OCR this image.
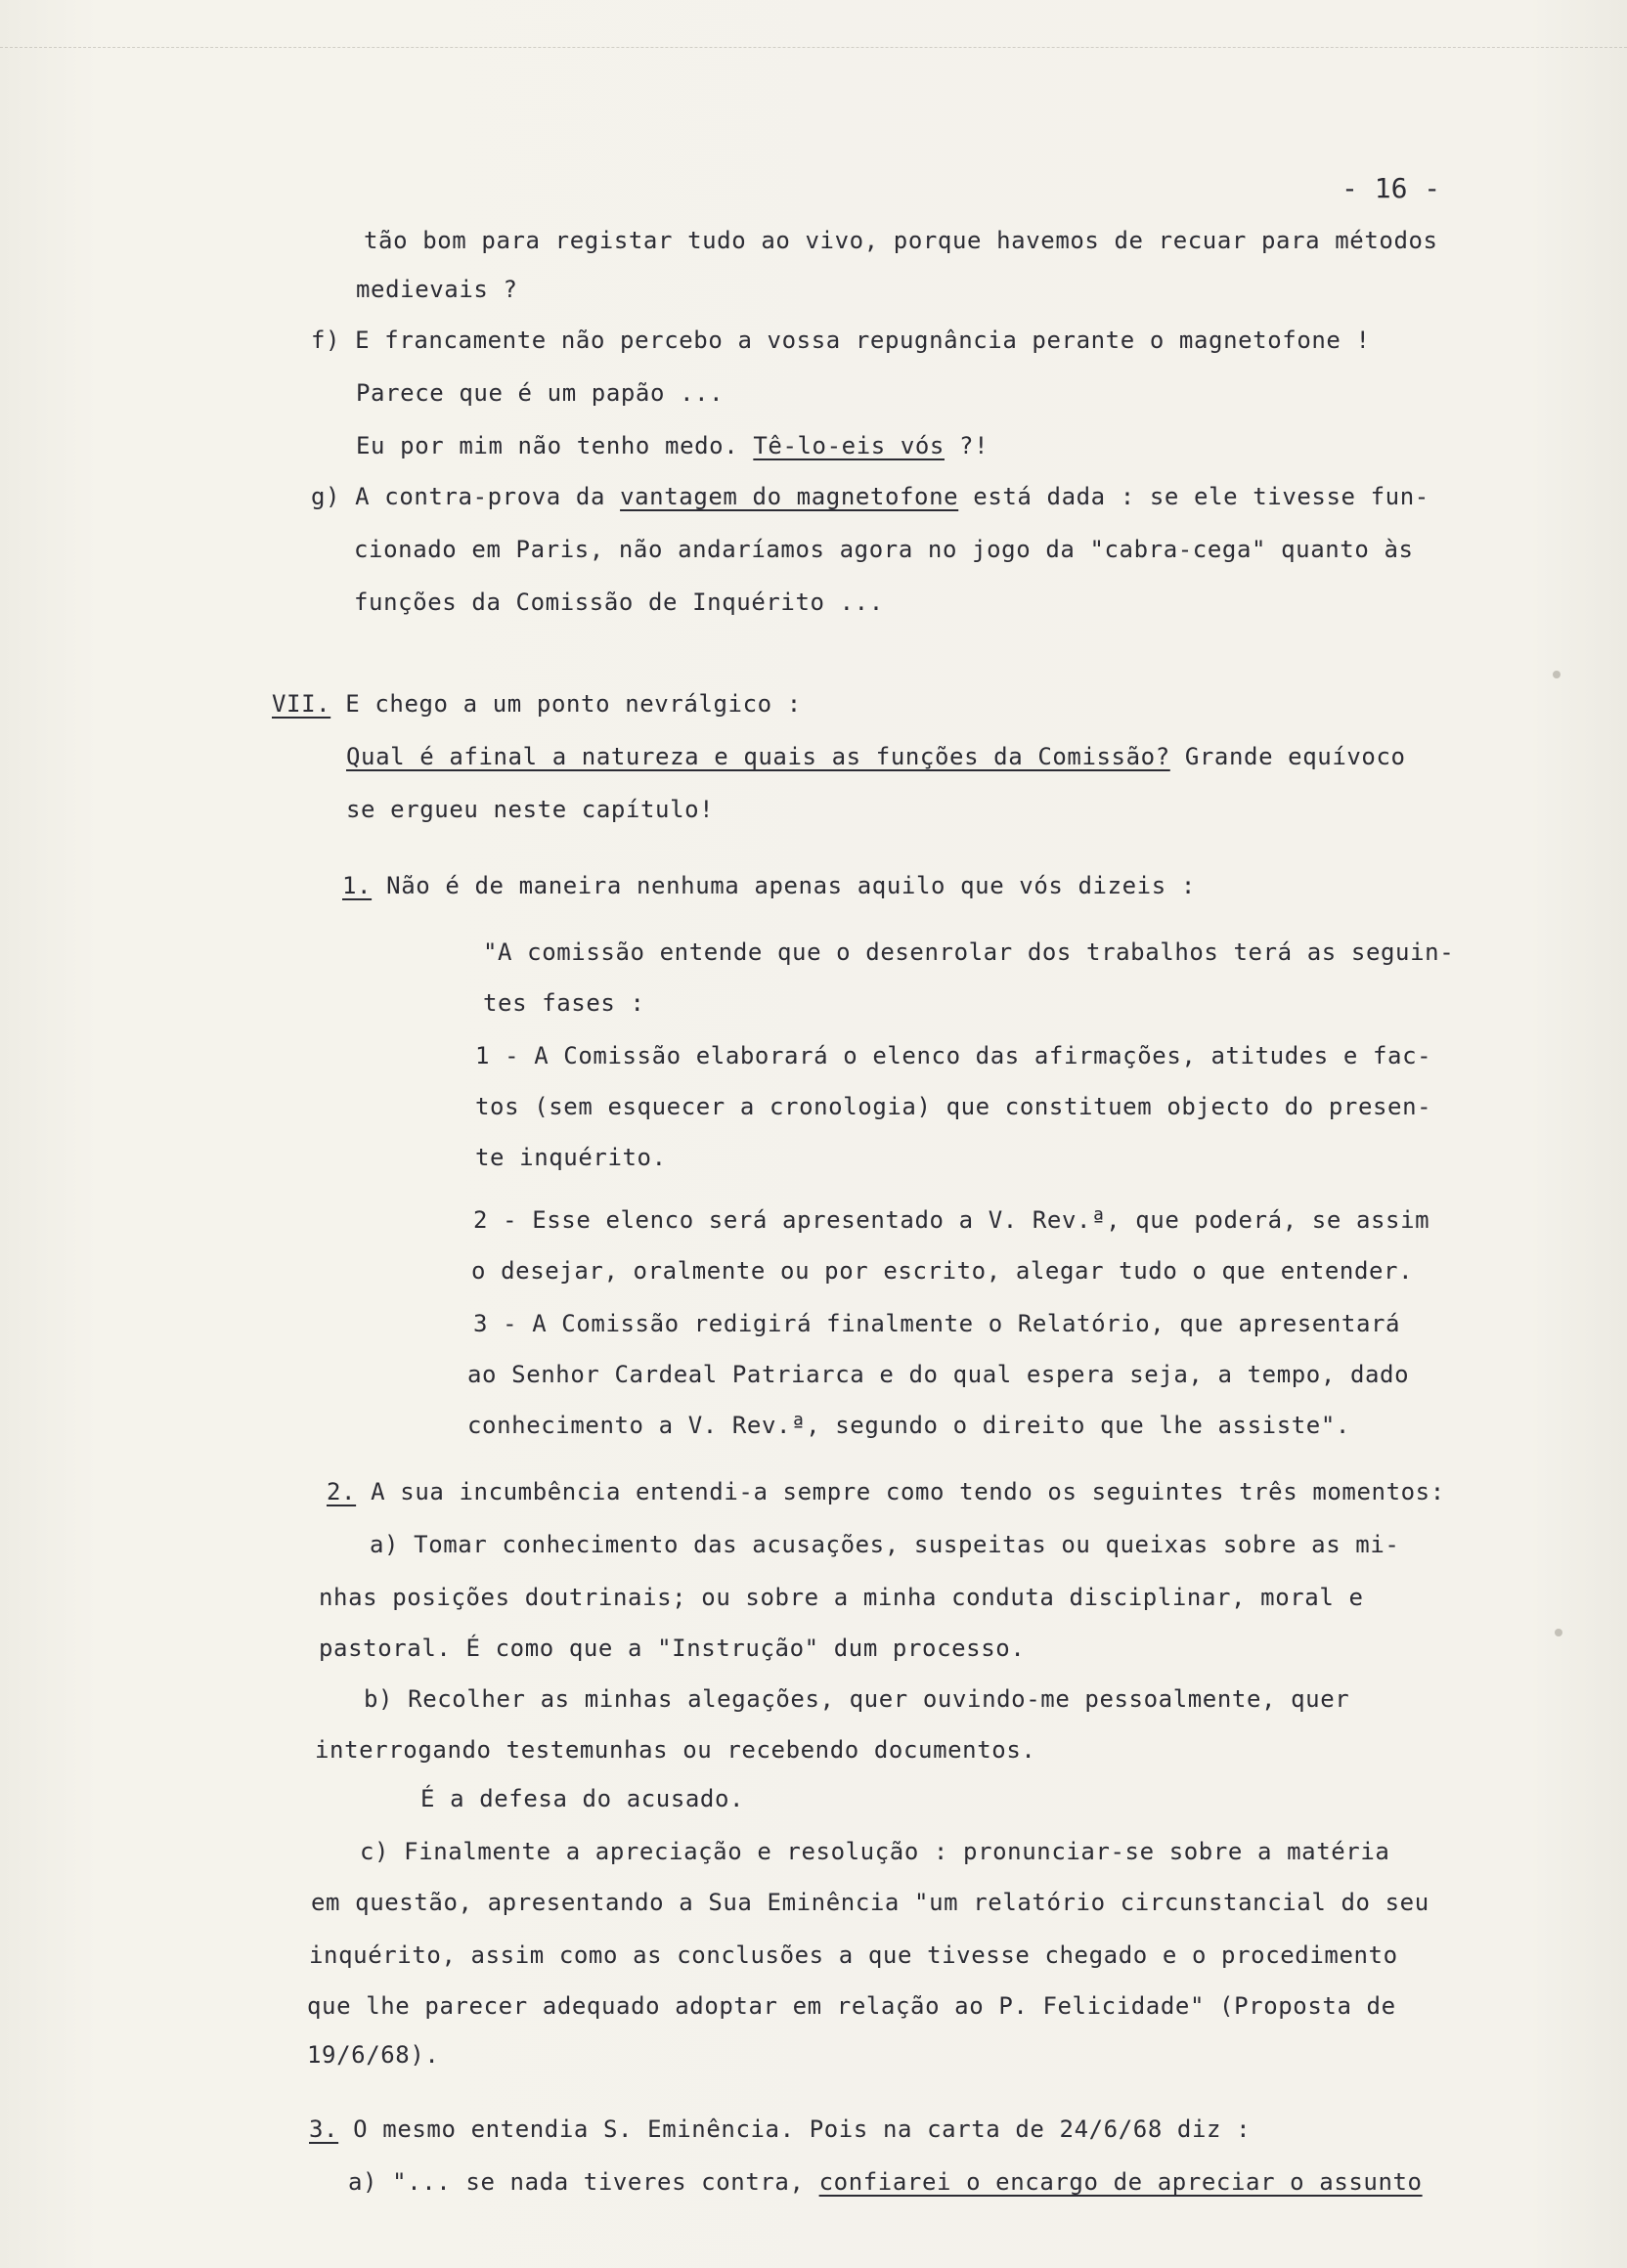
- 16 -
tão bom para registar tudo ao vivo, porque havemos de recuar para métodos
medievais ?
f) E francamente não percebo a vossa repugnância perante o magnetofone !
Parece que é um papão ...
Eu por mim não tenho medo. Tê-lo-eis vós ?!
g) A contra-prova da vantagem do magnetofone está dada : se ele tivesse fun-
cionado em Paris, não andaríamos agora no jogo da "cabra-cega" quanto às
funções da Comissão de Inquérito ...
VII. E chego a um ponto nevrálgico :
Qual é afinal a natureza e quais as funções da Comissão? Grande equívoco
se ergueu neste capítulo!
1. Não é de maneira nenhuma apenas aquilo que vós dizeis :
"A comissão entende que o desenrolar dos trabalhos terá as seguin-
tes fases :
1 - A Comissão elaborará o elenco das afirmações, atitudes e fac-
tos (sem esquecer a cronologia) que constituem objecto do presen-
te inquérito.
2 - Esse elenco será apresentado a V. Rev.ª, que poderá, se assim
o desejar, oralmente ou por escrito, alegar tudo o que entender.
3 - A Comissão redigirá finalmente o Relatório, que apresentará
ao Senhor Cardeal Patriarca e do qual espera seja, a tempo, dado
conhecimento a V. Rev.ª, segundo o direito que lhe assiste".
2. A sua incumbência entendi-a sempre como tendo os seguintes três momentos:
a) Tomar conhecimento das acusações, suspeitas ou queixas sobre as mi-
nhas posições doutrinais; ou sobre a minha conduta disciplinar, moral e
pastoral. É como que a "Instrução" dum processo.
b) Recolher as minhas alegações, quer ouvindo-me pessoalmente, quer
interrogando testemunhas ou recebendo documentos.
É a defesa do acusado.
c) Finalmente a apreciação e resolução : pronunciar-se sobre a matéria
em questão, apresentando a Sua Eminência "um relatório circunstancial do seu
inquérito, assim como as conclusões a que tivesse chegado e o procedimento
que lhe parecer adequado adoptar em relação ao P. Felicidade" (Proposta de
19/6/68).
3. O mesmo entendia S. Eminência. Pois na carta de 24/6/68 diz :
a) "... se nada tiveres contra, confiarei o encargo de apreciar o assunto
